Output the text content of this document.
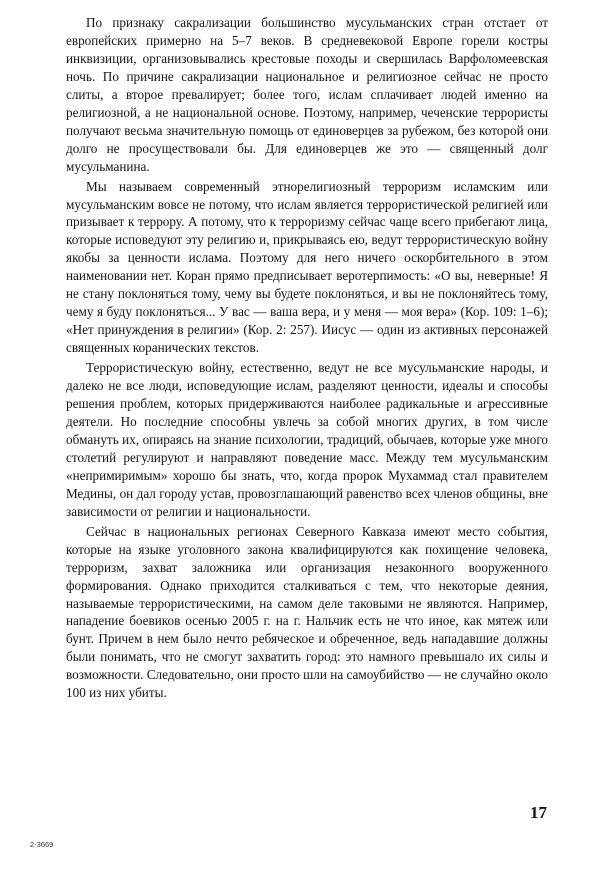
По признаку сакрализации большинство мусульманских стран отстает от европейских примерно на 5–7 веков. В средневековой Европе горели костры инквизиции, организовывались крестовые походы и свершилась Варфоломеевская ночь. По причине сакрализации национальное и религиозное сейчас не просто слиты, а второе превалирует; более того, ислам сплачивает людей именно на религиозной, а не национальной основе. Поэтому, например, чеченские террористы получают весьма значительную помощь от единоверцев за рубежом, без которой они долго не просуществовали бы. Для единоверцев же это — священный долг мусульманина.

Мы называем современный этнорелигиозный терроризм исламским или мусульманским вовсе не потому, что ислам является террористической религией или призывает к террору. А потому, что к терроризму сейчас чаще всего прибегают лица, которые исповедуют эту религию и, прикрываясь ею, ведут террористическую войну якобы за ценности ислама. Поэтому для него ничего оскорбительного в этом наименовании нет. Коран прямо предписывает веротерпимость: «О вы, неверные! Я не стану поклоняться тому, чему вы будете поклоняться, и вы не поклоняйтесь тому, чему я буду поклоняться... У вас — ваша вера, и у меня — моя вера» (Кор. 109: 1–6); «Нет принуждения в религии» (Кор. 2: 257). Иисус — один из активных персонажей священных коранических текстов.

Террористическую войну, естественно, ведут не все мусульманские народы, и далеко не все люди, исповедующие ислам, разделяют ценности, идеалы и способы решения проблем, которых придерживаются наиболее радикальные и агрессивные деятели. Но последние способны увлечь за собой многих других, в том числе обмануть их, опираясь на знание психологии, традиций, обычаев, которые уже много столетий регулируют и направляют поведение масс. Между тем мусульманским «непримиримым» хорошо бы знать, что, когда пророк Мухаммад стал правителем Медины, он дал городу устав, провозглашающий равенство всех членов общины, вне зависимости от религии и национальности.

Сейчас в национальных регионах Северного Кавказа имеют место события, которые на языке уголовного закона квалифицируются как похищение человека, терроризм, захват заложника или организация незаконного вооруженного формирования. Однако приходится сталкиваться с тем, что некоторые деяния, называемые террористическими, на самом деле таковыми не являются. Например, нападение боевиков осенью 2005 г. на г. Нальчик есть не что иное, как мятеж или бунт. Причем в нем было нечто ребяческое и обреченное, ведь нападавшие должны были понимать, что не смогут захватить город: это намного превышало их силы и возможности. Следовательно, они просто шли на самоубийство — не случайно около 100 из них убиты.

17
2-3669
